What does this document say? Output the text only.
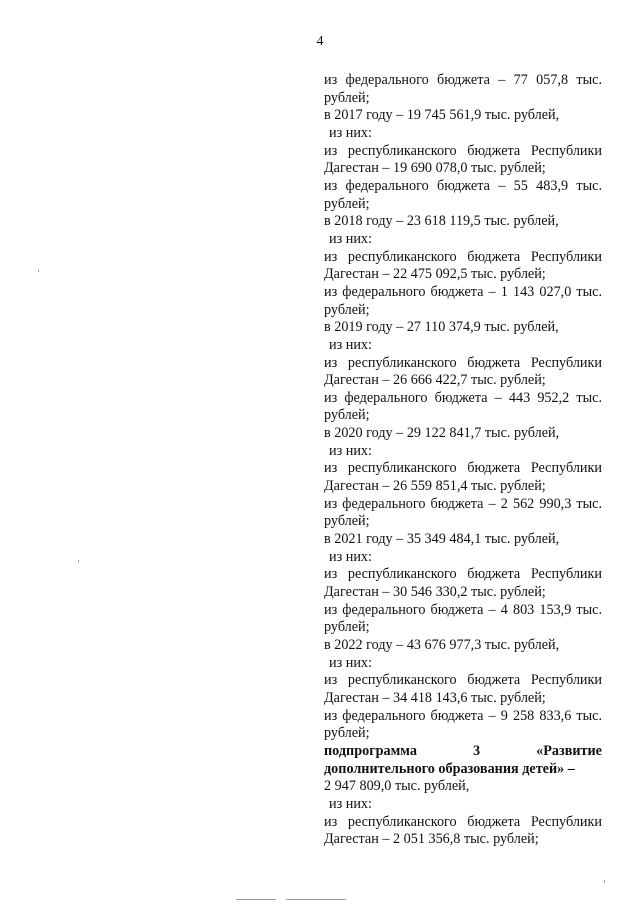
4

из федерального бюджета – 77 057,8 тыс. рублей;

в 2017 году – 19 745 561,9 тыс. рублей,

из них:

из республиканского бюджета Республики Дагестан – 19 690 078,0 тыс. рублей;

из федерального бюджета – 55 483,9 тыс. рублей;

в 2018 году – 23 618 119,5 тыс. рублей,

из них:

из республиканского бюджета Республики Дагестан – 22 475 092,5 тыс. рублей;

из федерального бюджета – 1 143 027,0 тыс. рублей;

в 2019 году – 27 110 374,9 тыс. рублей,

из них:

из республиканского бюджета Республики Дагестан – 26 666 422,7 тыс. рублей;

из федерального бюджета – 443 952,2 тыс. рублей;

в 2020 году – 29 122 841,7 тыс. рублей,

из них:

из республиканского бюджета Республики Дагестан – 26 559 851,4 тыс. рублей;

из федерального бюджета – 2 562 990,3 тыс. рублей;

в 2021 году – 35 349 484,1 тыс. рублей,

из них:

из республиканского бюджета Республики Дагестан – 30 546 330,2 тыс. рублей;

из федерального бюджета – 4 803 153,9 тыс. рублей;

в 2022 году – 43 676 977,3 тыс. рублей,

из них:

из республиканского бюджета Республики Дагестан – 34 418 143,6 тыс. рублей;

из федерального бюджета – 9 258 833,6 тыс. рублей;

подпрограмма	3	«Развитие

дополнительного образования детей» –

2 947 809,0 тыс. рублей,

из них:

из республиканского бюджета Республики Дагестан – 2 051 356,8 тыс. рублей;
